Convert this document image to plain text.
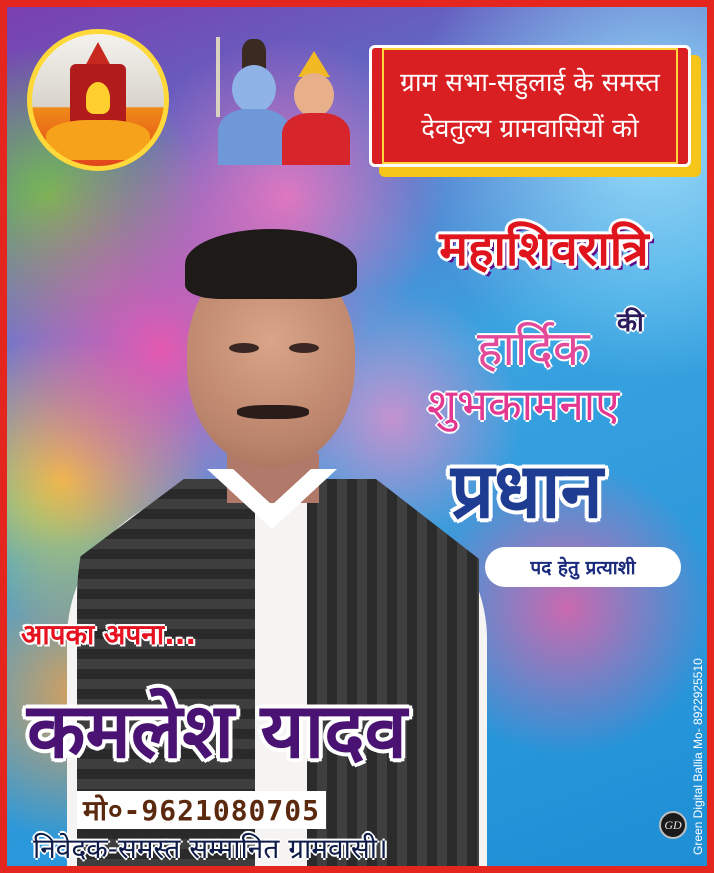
ग्राम सभा-सहुलाई के समस्त
देवतुल्य ग्रामवासियों को
महाशिवरात्रि
की
हार्दिक
शुभकामनाए
प्रधान
पद हेतु प्रत्याशी
आपका अपना...
कमलेश यादव
मो०-9621080705
निवेदक-समस्त सम्मानित ग्रामवासी।	Green Digital Ballia Mo- 8922925510
GD
